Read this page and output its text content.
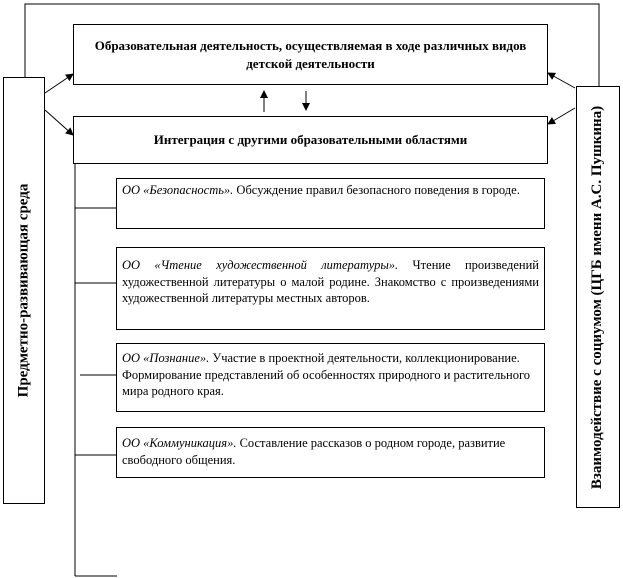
Образовательная деятельность, осуществляемая в ходе различных видов детской деятельности
Интеграция с другими образовательными областями
Предметно-развивающая среда	Взаимодействие с социумом (ЦГБ имени А.С. Пушкина)
ОО «Безопасность». Обсуждение правил безопасного поведения в городе.
ОО «Чтение художественной литературы». Чтение произведений художественной литературы о малой родине. Знакомство с произведениями художественной литературы местных авторов.
ОО «Познание». Участие в проектной деятельности, коллекционирование. Формирование представлений об особенностях природного и растительного мира родного края.
ОО «Коммуникация». Составление рассказов о родном городе, развитие свободного общения.
